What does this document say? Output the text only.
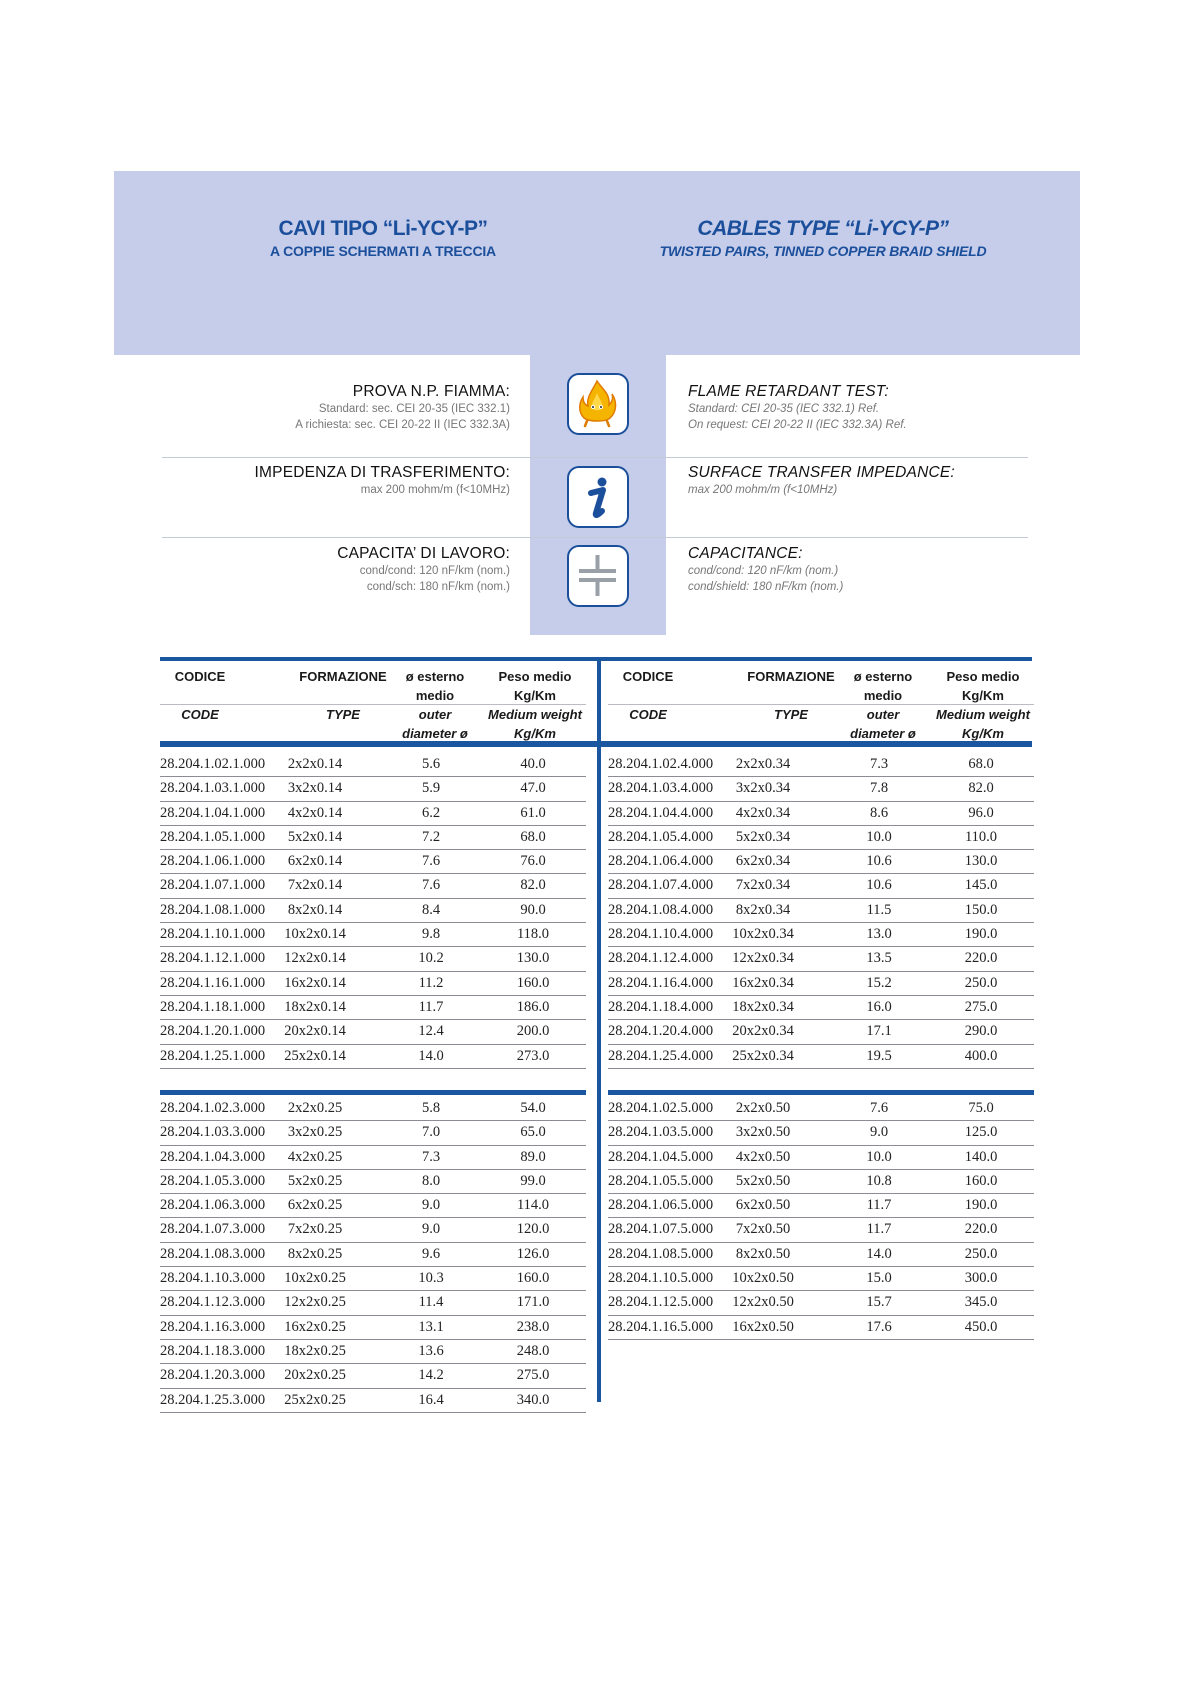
CAVI TIPO “Li-YCY-P”
A COPPIE SCHERMATI A TRECCIA
CABLES TYPE “Li-YCY-P”
TWISTED PAIRS, TINNED COPPER BRAID SHIELD
PROVA N.P. FIAMMA:
Standard: sec. CEI 20-35 (IEC 332.1)
A richiesta: sec. CEI 20-22 II (IEC 332.3A)
FLAME RETARDANT TEST:
Standard: CEI 20-35 (IEC 332.1) Ref.
On request: CEI 20-22 II (IEC 332.3A) Ref.
IMPEDENZA DI TRASFERIMENTO:
max 200 mohm/m (f<10MHz)
SURFACE TRANSFER IMPEDANCE:
max 200 mohm/m (f<10MHz)
CAPACITA’ DI LAVORO:
cond/cond: 120 nF/km (nom.)
cond/sch: 180 nF/km (nom.)
CAPACITANCE:
cond/cond: 120 nF/km (nom.)
cond/shield: 180 nF/km (nom.)
CODICE
CODE
FORMAZIONE
TYPE
ø esterno medio
outer diameter ø
Peso medio Kg/Km
Medium weight Kg/Km
28.204.1.02.1.000	2x2x0.14	5.6	40.0
28.204.1.03.1.000	3x2x0.14	5.9	47.0
28.204.1.04.1.000	4x2x0.14	6.2	61.0
28.204.1.05.1.000	5x2x0.14	7.2	68.0
28.204.1.06.1.000	6x2x0.14	7.6	76.0
28.204.1.07.1.000	7x2x0.14	7.6	82.0
28.204.1.08.1.000	8x2x0.14	8.4	90.0
28.204.1.10.1.000	10x2x0.14	9.8	118.0
28.204.1.12.1.000	12x2x0.14	10.2	130.0
28.204.1.16.1.000	16x2x0.14	11.2	160.0
28.204.1.18.1.000	18x2x0.14	11.7	186.0
28.204.1.20.1.000	20x2x0.14	12.4	200.0
28.204.1.25.1.000	25x2x0.14	14.0	273.0
28.204.1.02.3.000	2x2x0.25	5.8	54.0
28.204.1.03.3.000	3x2x0.25	7.0	65.0
28.204.1.04.3.000	4x2x0.25	7.3	89.0
28.204.1.05.3.000	5x2x0.25	8.0	99.0
28.204.1.06.3.000	6x2x0.25	9.0	114.0
28.204.1.07.3.000	7x2x0.25	9.0	120.0
28.204.1.08.3.000	8x2x0.25	9.6	126.0
28.204.1.10.3.000	10x2x0.25	10.3	160.0
28.204.1.12.3.000	12x2x0.25	11.4	171.0
28.204.1.16.3.000	16x2x0.25	13.1	238.0
28.204.1.18.3.000	18x2x0.25	13.6	248.0
28.204.1.20.3.000	20x2x0.25	14.2	275.0
28.204.1.25.3.000	25x2x0.25	16.4	340.0
CODICE
CODE
FORMAZIONE
TYPE
ø esterno medio
outer diameter ø
Peso medio Kg/Km
Medium weight Kg/Km
28.204.1.02.4.000	2x2x0.34	7.3	68.0
28.204.1.03.4.000	3x2x0.34	7.8	82.0
28.204.1.04.4.000	4x2x0.34	8.6	96.0
28.204.1.05.4.000	5x2x0.34	10.0	110.0
28.204.1.06.4.000	6x2x0.34	10.6	130.0
28.204.1.07.4.000	7x2x0.34	10.6	145.0
28.204.1.08.4.000	8x2x0.34	11.5	150.0
28.204.1.10.4.000	10x2x0.34	13.0	190.0
28.204.1.12.4.000	12x2x0.34	13.5	220.0
28.204.1.16.4.000	16x2x0.34	15.2	250.0
28.204.1.18.4.000	18x2x0.34	16.0	275.0
28.204.1.20.4.000	20x2x0.34	17.1	290.0
28.204.1.25.4.000	25x2x0.34	19.5	400.0
28.204.1.02.5.000	2x2x0.50	7.6	75.0
28.204.1.03.5.000	3x2x0.50	9.0	125.0
28.204.1.04.5.000	4x2x0.50	10.0	140.0
28.204.1.05.5.000	5x2x0.50	10.8	160.0
28.204.1.06.5.000	6x2x0.50	11.7	190.0
28.204.1.07.5.000	7x2x0.50	11.7	220.0
28.204.1.08.5.000	8x2x0.50	14.0	250.0
28.204.1.10.5.000	10x2x0.50	15.0	300.0
28.204.1.12.5.000	12x2x0.50	15.7	345.0
28.204.1.16.5.000	16x2x0.50	17.6	450.0
